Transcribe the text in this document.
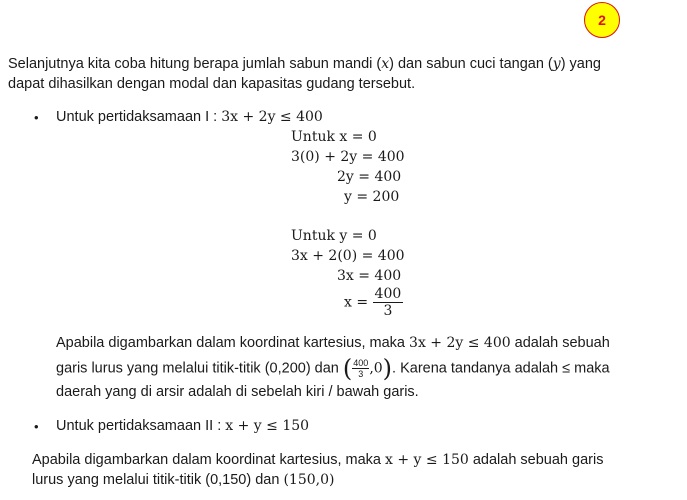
2
Selanjutnya kita coba hitung berapa jumlah sabun mandi (x) dan sabun cuci tangan (y) yang
dapat dihasilkan dengan modal dan kapasitas gudang tersebut.
• Untuk pertidaksamaan I : 3x + 2y ≤ 400
Untuk x = 0
3(0) + 2y = 400
2y = 400
y = 200
Untuk y = 0
3x + 2(0) = 400
3x = 400
$x = \frac{400}{3}$
Apabila digambarkan dalam koordinat kartesius, maka 3x + 2y ≤ 400 adalah sebuah
garis lurus yang melalui titik-titik (0,200) dan ( $\frac{400}{3} ,0$). Karena tandanya adalah ≤ maka
daerah yang di arsir adalah di sebelah kiri / bawah garis.
• Untuk pertidaksamaan II : x + y ≤ 150
Apabila digambarkan dalam koordinat kartesius, maka x + y ≤ 150 adalah sebuah garis
lurus yang melalui titik-titik (0,150) dan (150,0)
